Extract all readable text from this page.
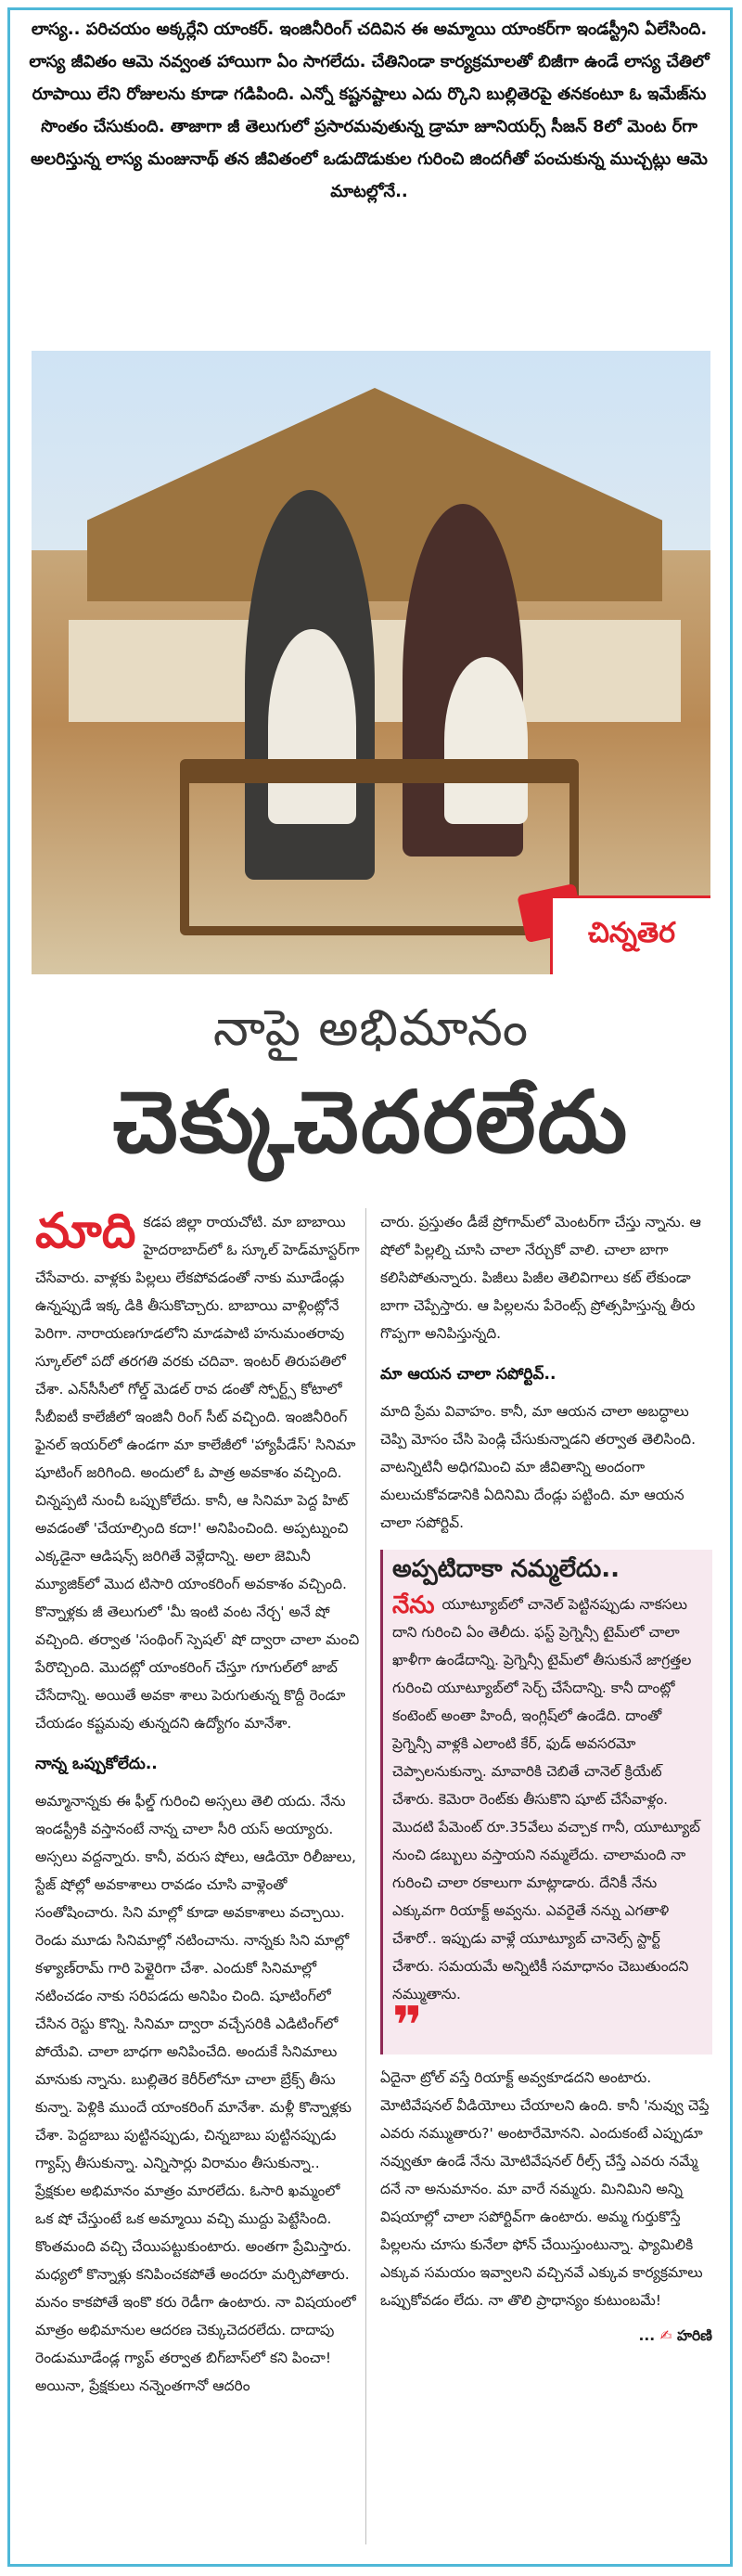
లాస్య.. పరిచయం అక్కర్లేని యాంకర్. ఇంజినీరింగ్ చదివిన ఈ అమ్మాయి యాంకర్‌గా ఇండస్ట్రీని ఏలేసింది. లాస్య జీవితం ఆమె నవ్వంత హాయిగా ఏం సాగలేదు. చేతినిండా కార్యక్రమాలతో బిజీగా ఉండే లాస్య చేతిలో రూపాయి లేని రోజులను కూడా గడిపింది. ఎన్నో కష్టనష్టాలు ఎదు ర్కొని బుల్లితెరపై తనకంటూ ఓ ఇమేజ్‌ను సొంతం చేసుకుంది. తాజాగా జీ తెలుగులో ప్రసారమవుతున్న డ్రామా జూనియర్స్ సీజన్ 8లో మెంట ర్‌గా అలరిస్తున్న లాస్య మంజునాథ్ తన జీవితంలో ఒడుదొడుకుల గురించి జిందగీతో పంచుకున్న ముచ్చట్లు ఆమె మాటల్లోనే..
చిన్నతెర
నాపై అభిమానం
చెక్కుచెదరలేదు

మాది కడప జిల్లా రాయచోటి. మా బాబాయి హైదరాబాద్‌లో ఓ స్కూల్ హెడ్‌మాస్టర్‌గా చేసేవారు. వాళ్లకు పిల్లలు లేకపోవడంతో నాకు మూడేండ్లు ఉన్నప్పుడే ఇక్క డికి తీసుకొచ్చారు. బాబాయి వాళ్లింట్లోనే పెరిగా. నారాయణగూడలోని మాడపాటి హనుమంతరావు స్కూల్‌లో పదో తరగతి వరకు చదివా. ఇంటర్ తిరుపతిలో చేశా. ఎన్‌సీసీలో గోల్డ్ మెడల్ రావ డంతో స్పోర్ట్స్ కోటాలో సీబీఐటీ కాలేజీలో ఇంజినీ రింగ్ సీట్ వచ్చింది. ఇంజినీరింగ్ ఫైనల్ ఇయర్‌లో ఉండగా మా కాలేజీలో 'హ్యాపీడేస్' సినిమా షూటింగ్ జరిగింది. అందులో ఓ పాత్ర అవకాశం వచ్చింది. చిన్నప్పటి నుంచీ ఒప్పుకోలేదు. కానీ, ఆ సినిమా పెద్ద హిట్ అవడంతో 'చేయాల్సింది కదా!' అనిపించింది. అప్పట్నుంచి ఎక్కడైనా ఆడిషన్స్ జరిగితే వెళ్లేదాన్ని. అలా జెమినీ మ్యూజిక్‌లో మొద టిసారి యాంకరింగ్ అవకాశం వచ్చింది. కొన్నాళ్లకు జీ తెలుగులో 'మీ ఇంటి వంట నేర్చ' అనే షో వచ్చింది. తర్వాత 'సంథింగ్ స్పెషల్' షో ద్వారా చాలా మంచి పేరొచ్చింది. మొదట్లో యాంకరింగ్ చేస్తూ గూగుల్‌లో జాబ్ చేసేదాన్ని. అయితే అవకా శాలు పెరుగుతున్న కొద్దీ రెండూ చేయడం కష్టమవు తున్నదని ఉద్యోగం మానేశా.

నాన్న ఒప్పుకోలేదు..

అమ్మానాన్నకు ఈ ఫీల్డ్ గురించి అస్సలు తెలి యదు. నేను ఇండస్ట్రీకి వస్తానంటే నాన్న చాలా సీరి యస్ అయ్యారు. అస్సలు వద్దన్నారు. కానీ, వరుస షోలు, ఆడియో రిలీజులు, స్టేజ్ షోల్లో అవకాశాలు రావడం చూసి వాళ్లెంతో సంతోషించారు. సిని మాల్లో కూడా అవకాశాలు వచ్చాయి. రెండు మూడు సినిమాల్లో నటించాను. నాన్నకు సిని మాల్లో కళ్యాణ్‌రామ్ గారి పెళ్లైరిగా చేశా. ఎందుకో సినిమాల్లో నటించడం నాకు సరిపడదు అనిపిం చింది. షూటింగ్‌లో చేసిన రెస్టు కొన్ని. సినిమా ద్వారా వచ్చేసరికి ఎడిటింగ్‌లో పోయేవి. చాలా బాధగా అనిపించేది. అందుకే సినిమాలు మానుకు న్నాను. బుల్లితెర కెరీర్‌లోనూ చాలా బ్రేక్స్ తీసు కున్నా. పెళ్లికి ముందే యాంకరింగ్ మానేశా. మళ్లీ కొన్నాళ్లకు చేశా. పెద్దబాబు పుట్టినప్పుడు, చిన్నబాబు పుట్టినప్పుడు గ్యాప్స్ తీసుకున్నా. ఎన్నిసార్లు విరామం తీసుకున్నా.. ప్రేక్షకుల అభిమానం మాత్రం మారలేదు. ఓసారి ఖమ్మంలో ఒక షో చేస్తుంటే ఒక అమ్మాయి వచ్చి ముద్దు పెట్టేసింది. కొంతమంది వచ్చి చేయిపట్టుకుంటారు. అంతగా ప్రేమిస్తారు. మధ్యలో కొన్నాళ్లు కనిపించకపోతే అందరూ మర్చిపోతారు. మనం కాకపోతే ఇంకొ కరు రెడీగా ఉంటారు. నా విషయంలో మాత్రం అభిమానుల ఆదరణ చెక్కుచెదరలేదు. దాదాపు రెండుమూడేండ్ల గ్యాప్ తర్వాత బిగ్‌బాస్‌లో కని పించా! అయినా, ప్రేక్షకులు నన్నెంతగానో ఆదరిం

చారు. ప్రస్తుతం డీజే ప్రోగామ్‌లో మెంటర్‌గా చేస్తు న్నాను. ఆ షోలో పిల్లల్ని చూసి చాలా నేర్చుకో వాలి. చాలా బాగా కలిసిపోతున్నారు. పిజీలు పిజీల తెలివిగాలు కట్ లేకుండా బాగా చెప్పేస్తారు. ఆ పిల్లలను పేరెంట్స్ ప్రోత్సహిస్తున్న తీరు గొప్పగా అనిపిస్తున్నది.

మా ఆయన చాలా సపోర్టివ్..

మాది ప్రేమ వివాహం. కానీ, మా ఆయన చాలా అబద్ధాలు చెప్పి మోసం చేసి పెండ్లి చేసుకున్నాడని తర్వాత తెలిసింది. వాటన్నిటినీ అధిగమించి మా జీవితాన్ని అందంగా మలుచుకోవడానికి ఏదినిమి దేండ్లు పట్టింది. మా ఆయన చాలా సపోర్టివ్.

అప్పటిదాకా నమ్మలేదు..

నేను యూట్యూబ్‌లో చానెల్ పెట్టినప్పుడు నాకసలు దాని గురించి ఏం తెలీదు. ఫస్ట్ ప్రెగ్నెన్సీ టైమ్‌లో చాలా ఖాళీగా ఉండేదాన్ని. ప్రెగ్నెన్సీ టైమ్‌లో తీసుకునే జాగ్రత్తల గురించి యూట్యూబ్‌లో సెర్చ్ చేసేదాన్ని. కానీ దాంట్లో కంటెంట్ అంతా హిందీ, ఇంగ్లిష్‌లో ఉండేది. దాంతో ప్రెగ్నెన్సీ వాళ్లకి ఎలాంటి కేర్, ఫుడ్ అవసరమో చెప్పాలనుకున్నా. మావారికి చెబితే చానెల్ క్రియేట్ చేశారు. కెమెరా రెంట్‌కు తీసుకొని షూట్ చేసేవాళ్లం. మొదటి పేమెంట్ రూ.35వేలు వచ్చాక గానీ, యూట్యూబ్ నుంచి డబ్బులు వస్తాయని నమ్మలేదు. చాలామంది నా గురించి చాలా రకాలుగా మాట్లాడారు. దేనికీ నేను ఎక్కువగా రియాక్ట్ అవ్వను. ఎవరైతే నన్ను ఎగతాళి చేశారో.. ఇప్పుడు వాళ్లే యూట్యూబ్ చానెల్స్ స్టార్ట్ చేశారు. సమయమే అన్నిటికీ సమాధానం చెబుతుందని నమ్ముతాను.

❞

ఏదైనా ట్రోల్ వస్తే రియాక్ట్ అవ్వకూడదని అంటారు. మోటివేషనల్ వీడియోలు చేయాలని ఉంది. కానీ 'నువ్వు చెప్తే ఎవరు నమ్ముతారు?' అంటారేమోనని. ఎందుకంటే ఎప్పుడూ నవ్వుతూ ఉండే నేను మోటివేషనల్ రీల్స్ చేస్తే ఎవరు నమ్మే దనే నా అనుమానం. మా వారే నమ్మరు. మినిమిని అన్ని విషయాల్లో చాలా సపోర్టివ్‌గా ఉంటారు. అమ్మ గుర్తుకొస్తే పిల్లలను చూసు కునేలా ఫోన్ చేయిస్తుంటున్నా. ఫ్యామిలికి ఎక్కువ సమయం ఇవ్వాలని వచ్చినవే ఎక్కువ కార్యక్రమాలు ఒప్పుకోవడం లేదు. నా తొలి ప్రాధాన్యం కుటుంబమే!

... ✍ హరిణి
